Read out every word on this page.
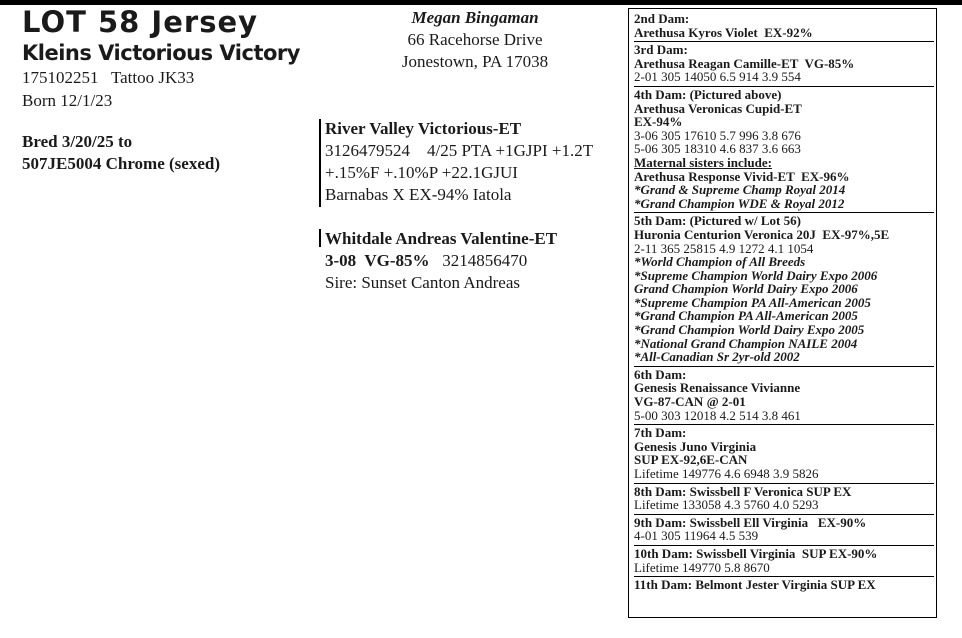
LOT 58 Jersey
Kleins Victorious Victory
175102251   Tattoo JK33
Born 12/1/23
Bred 3/20/25 to
507JE5004 Chrome (sexed)
Megan Bingaman
66 Racehorse Drive
Jonestown, PA 17038
River Valley Victorious-ET
3126479524    4/25 PTA +1GJPI +1.2T
+.15%F +.10%P +22.1GJUI
Barnabas X EX-94% Iatola
Whitdale Andreas Valentine-ET
3-08  VG-85%   3214856470
Sire: Sunset Canton Andreas
2nd Dam:
Arethusa Kyros Violet  EX-92%
3rd Dam:
Arethusa Reagan Camille-ET  VG-85%
2-01 305 14050 6.5 914 3.9 554
4th Dam: (Pictured above)
Arethusa Veronicas Cupid-ET
EX-94%
3-06 305 17610 5.7 996 3.8 676
5-06 305 18310 4.6 837 3.6 663
Maternal sisters include:
Arethusa Response Vivid-ET  EX-96%
*Grand & Supreme Champ Royal 2014
*Grand Champion WDE & Royal 2012
5th Dam: (Pictured w/ Lot 56)
Huronia Centurion Veronica 20J  EX-97%,5E
2-11 365 25815 4.9 1272 4.1 1054
*World Champion of All Breeds
*Supreme Champion World Dairy Expo 2006
Grand Champion World Dairy Expo 2006
*Supreme Champion PA All-American 2005
*Grand Champion PA All-American 2005
*Grand Champion World Dairy Expo 2005
*National Grand Champion NAILE 2004
*All-Canadian Sr 2yr-old 2002
6th Dam:
Genesis Renaissance Vivianne
VG-87-CAN @ 2-01
5-00 303 12018 4.2 514 3.8 461
7th Dam:
Genesis Juno Virginia
SUP EX-92,6E-CAN
Lifetime 149776 4.6 6948 3.9 5826
8th Dam: Swissbell F Veronica SUP EX
Lifetime 133058 4.3 5760 4.0 5293
9th Dam: Swissbell Ell Virginia   EX-90%
4-01 305 11964 4.5 539
10th Dam: Swissbell Virginia  SUP EX-90%
Lifetime 149770 5.8 8670
11th Dam: Belmont Jester Virginia SUP EX
